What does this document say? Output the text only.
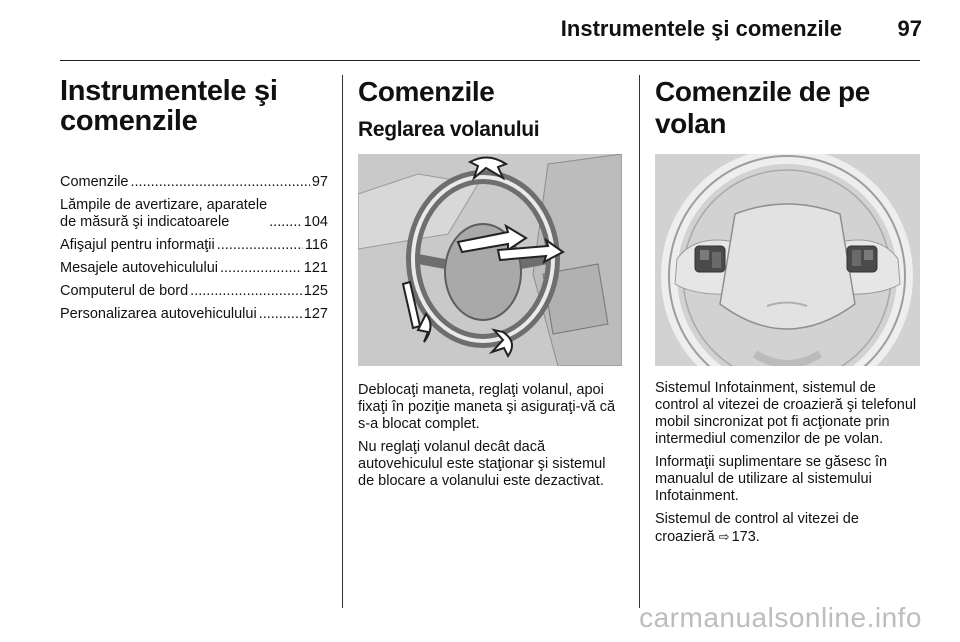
Instrumentele şi comenzile	97
Instrumentele şi comenzile
Comenzile .....	97
Lămpile de avertizare, aparatele
de măsură şi indicatoarele .....	104
Afişajul pentru informaţii .....	116
Mesajele autovehiculului .....	121
Computerul de bord .....	125
Personalizarea autovehiculului .....	127
Comenzile
Reglarea volanului

Deblocaţi maneta, reglaţi volanul, apoi fixaţi în poziţie maneta şi asiguraţi-vă că s-a blocat complet.

Nu reglaţi volanul decât dacă autovehiculul este staţionar şi sistemul de blocare a volanului este dezactivat.

Comenzile de pe volan

Sistemul Infotainment, sistemul de control al vitezei de croazieră şi telefonul mobil sincronizat pot fi acţionate prin intermediul comenzilor de pe volan.

Informaţii suplimentare se găsesc în manualul de utilizare al sistemului Infotainment.

Sistemul de control al vitezei de croazieră ⇨ 173.

carmanualsonline.info
